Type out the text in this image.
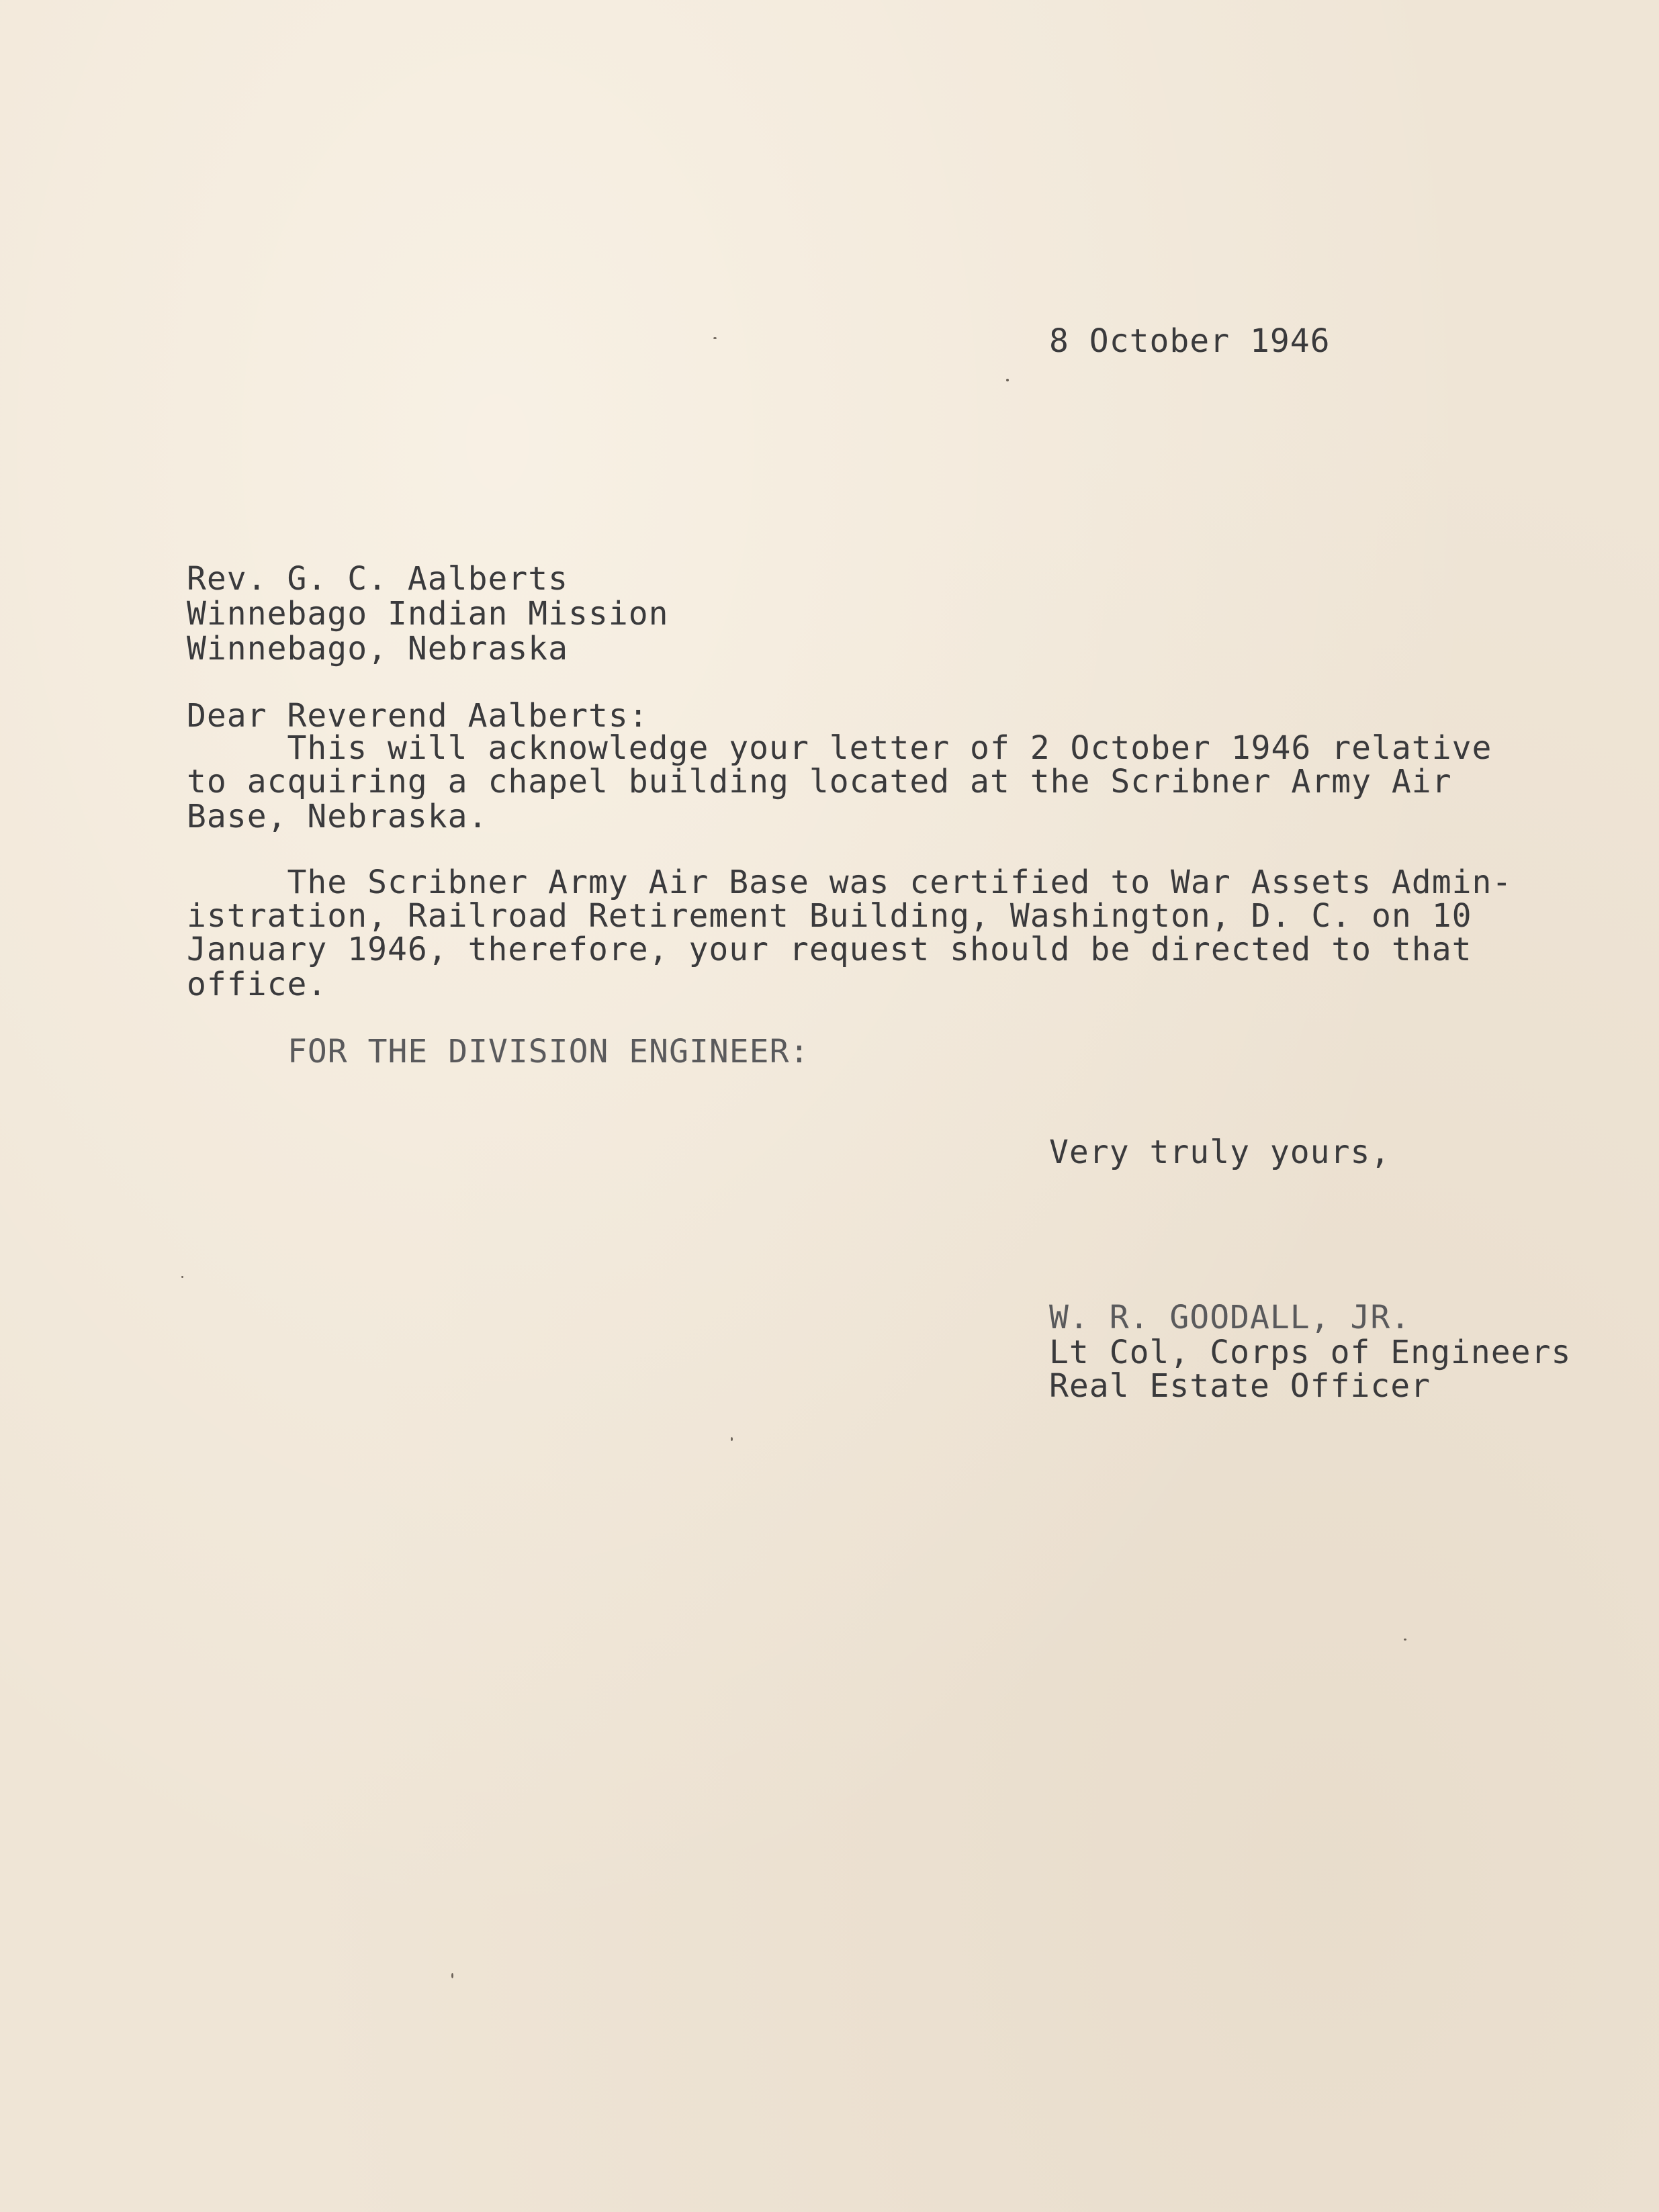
8 October 1946
Rev. G. C. Aalberts
Winnebago Indian Mission
Winnebago, Nebraska
Dear Reverend Aalberts:
This will acknowledge your letter of 2 October 1946 relative
to acquiring a chapel building located at the Scribner Army Air
Base, Nebraska.
The Scribner Army Air Base was certified to War Assets Admin-
istration, Railroad Retirement Building, Washington, D. C. on 10
January 1946, therefore, your request should be directed to that
office.
FOR THE DIVISION ENGINEER:
Very truly yours,
W. R. GOODALL, JR.
Lt Col, Corps of Engineers
Real Estate Officer
